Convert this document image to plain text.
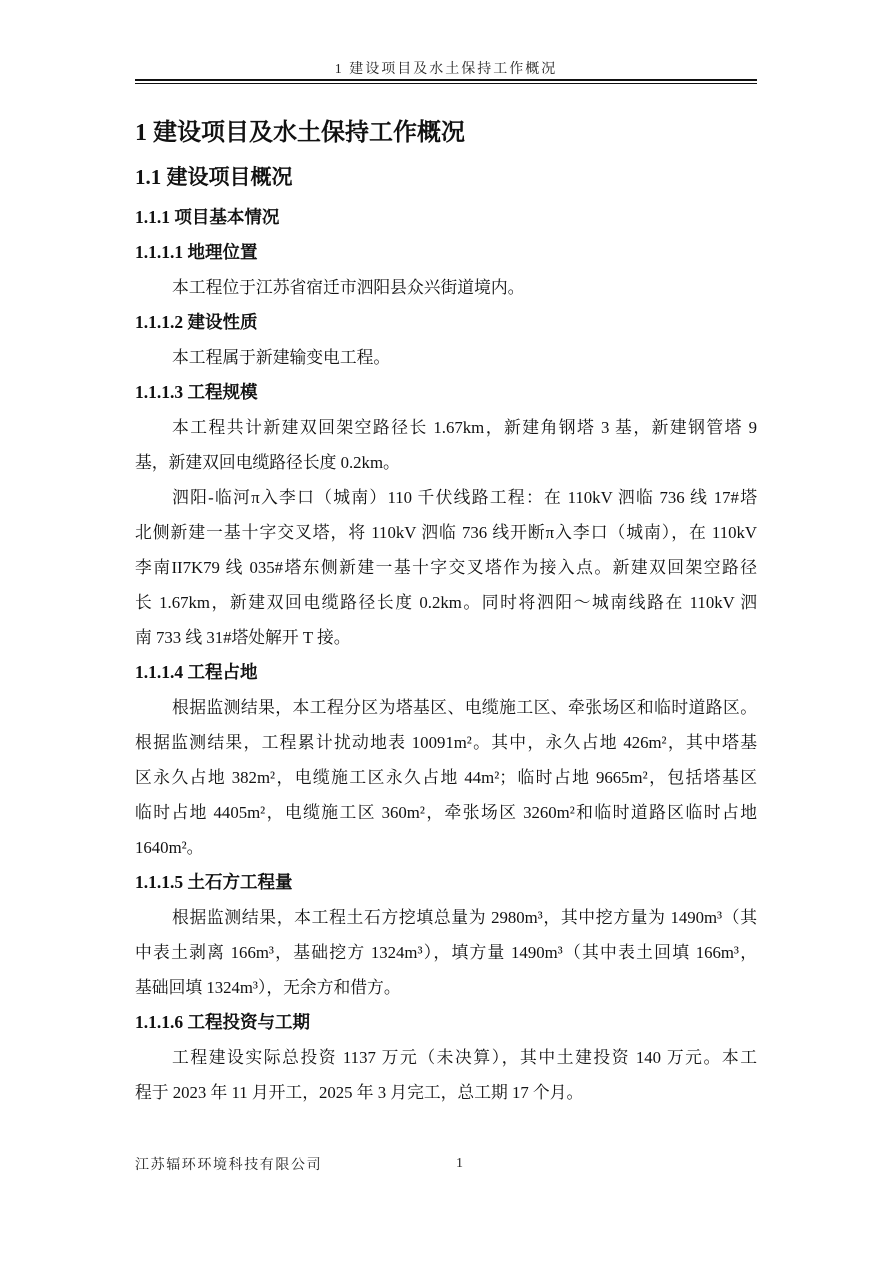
1 建设项目及水土保持工作概况
1 建设项目及水土保持工作概况
1.1 建设项目概况
1.1.1 项目基本情况
1.1.1.1 地理位置
本工程位于江苏省宿迁市泗阳县众兴街道境内。
1.1.1.2 建设性质
本工程属于新建输变电工程。
1.1.1.3 工程规模
本工程共计新建双回架空路径长 1.67km，新建角钢塔 3 基，新建钢管塔 9
基，新建双回电缆路径长度 0.2km。
泗阳-临河π入李口（城南）110 千伏线路工程：在 110kV 泗临 736 线 17#塔
北侧新建一基十字交叉塔，将 110kV 泗临 736 线开断π入李口（城南），在 110kV
李南II7K79 线 035#塔东侧新建一基十字交叉塔作为接入点。新建双回架空路径
长 1.67km，新建双回电缆路径长度 0.2km。同时将泗阳～城南线路在 110kV 泗
南 733 线 31#塔处解开 T 接。
1.1.1.4 工程占地
根据监测结果，本工程分区为塔基区、电缆施工区、牵张场区和临时道路区。
根据监测结果，工程累计扰动地表 10091m²。其中，永久占地 426m²，其中塔基
区永久占地 382m²，电缆施工区永久占地 44m²；临时占地 9665m²，包括塔基区
临时占地 4405m²，电缆施工区 360m²，牵张场区 3260m²和临时道路区临时占地
1640m²。
1.1.1.5 土石方工程量
根据监测结果，本工程土石方挖填总量为 2980m³，其中挖方量为 1490m³（其
中表土剥离 166m³，基础挖方 1324m³），填方量 1490m³（其中表土回填 166m³，
基础回填 1324m³），无余方和借方。
1.1.1.6 工程投资与工期
工程建设实际总投资 1137 万元（未决算），其中土建投资 140 万元。本工
程于 2023 年 11 月开工，2025 年 3 月完工，总工期 17 个月。
江苏辐环环境科技有限公司	1
